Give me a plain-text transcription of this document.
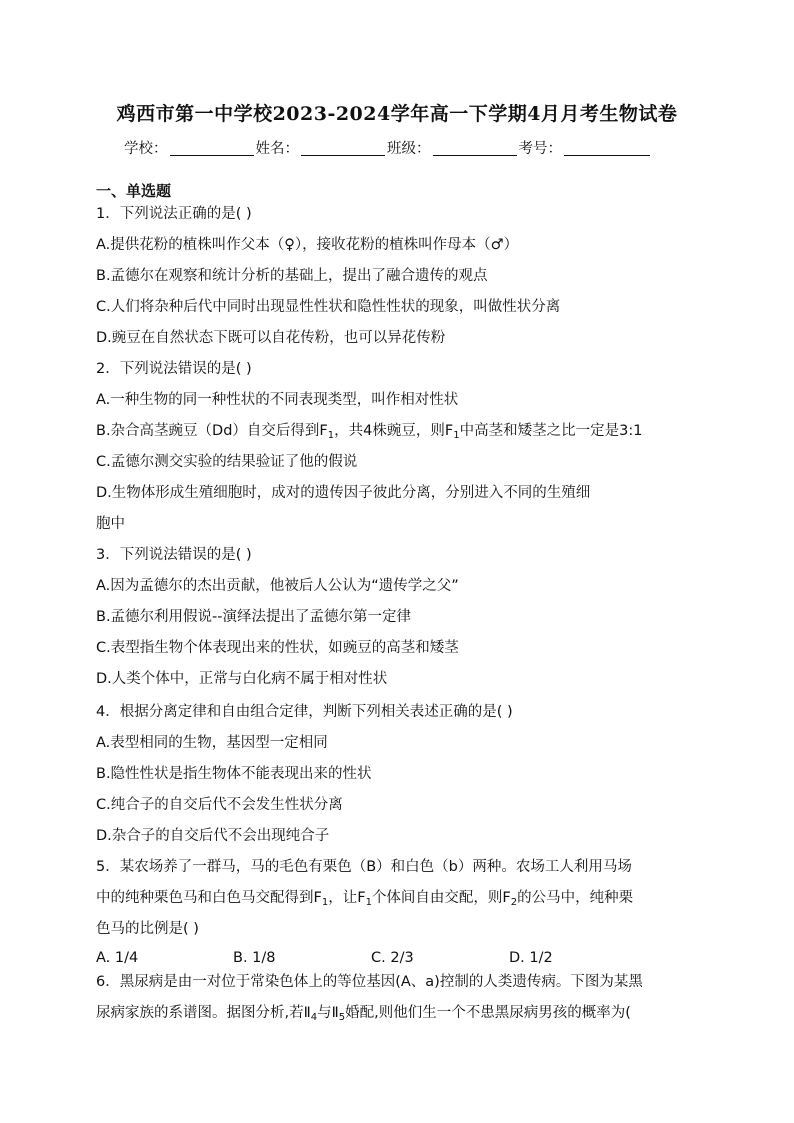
鸡西市第一中学校2023-2024学年高一下学期4月月考生物试卷
学校：	姓名：	班级：	考号：
一、单选题
1．下列说法正确的是( )
A.提供花粉的植株叫作父本（♀），接收花粉的植株叫作母本（♂）
B.孟德尔在观察和统计分析的基础上，提出了融合遗传的观点
C.人们将杂种后代中同时出现显性性状和隐性性状的现象，叫做性状分离
D.豌豆在自然状态下既可以自花传粉，也可以异花传粉
2．下列说法错误的是( )
A.一种生物的同一种性状的不同表现类型，叫作相对性状
B.杂合高茎豌豆（Dd）自交后得到$F_1$，共4株豌豆，则$F_1$中高茎和矮茎之比一定是3:1
C.孟德尔测交实验的结果验证了他的假说
D.生物体形成生殖细胞时，成对的遗传因子彼此分离，分别进入不同的生殖细
胞中
3．下列说法错误的是( )
A.因为孟德尔的杰出贡献，他被后人公认为“遗传学之父”
B.孟德尔利用假说--演绎法提出了孟德尔第一定律
C.表型指生物个体表现出来的性状，如豌豆的高茎和矮茎
D.人类个体中，正常与白化病不属于相对性状
4．根据分离定律和自由组合定律，判断下列相关表述正确的是( )
A.表型相同的生物，基因型一定相同
B.隐性性状是指生物体不能表现出来的性状
C.纯合子的自交后代不会发生性状分离
D.杂合子的自交后代不会出现纯合子
5．某农场养了一群马，马的毛色有栗色（B）和白色（b）两种。农场工人利用马场
中的纯种栗色马和白色马交配得到$F_1$，让$F_1$个体间自由交配，则$F_2$的公马中，纯种栗
色马的比例是( )
A. 1/4	B. 1/8	C. 2/3	D. 1/2
6．黑尿病是由一对位于常染色体上的等位基因(A、a)控制的人类遗传病。下图为某黑
尿病家族的系谱图。据图分析,若$Ⅱ_4$与$Ⅱ_5$婚配,则他们生一个不患黑尿病男孩的概率为(
